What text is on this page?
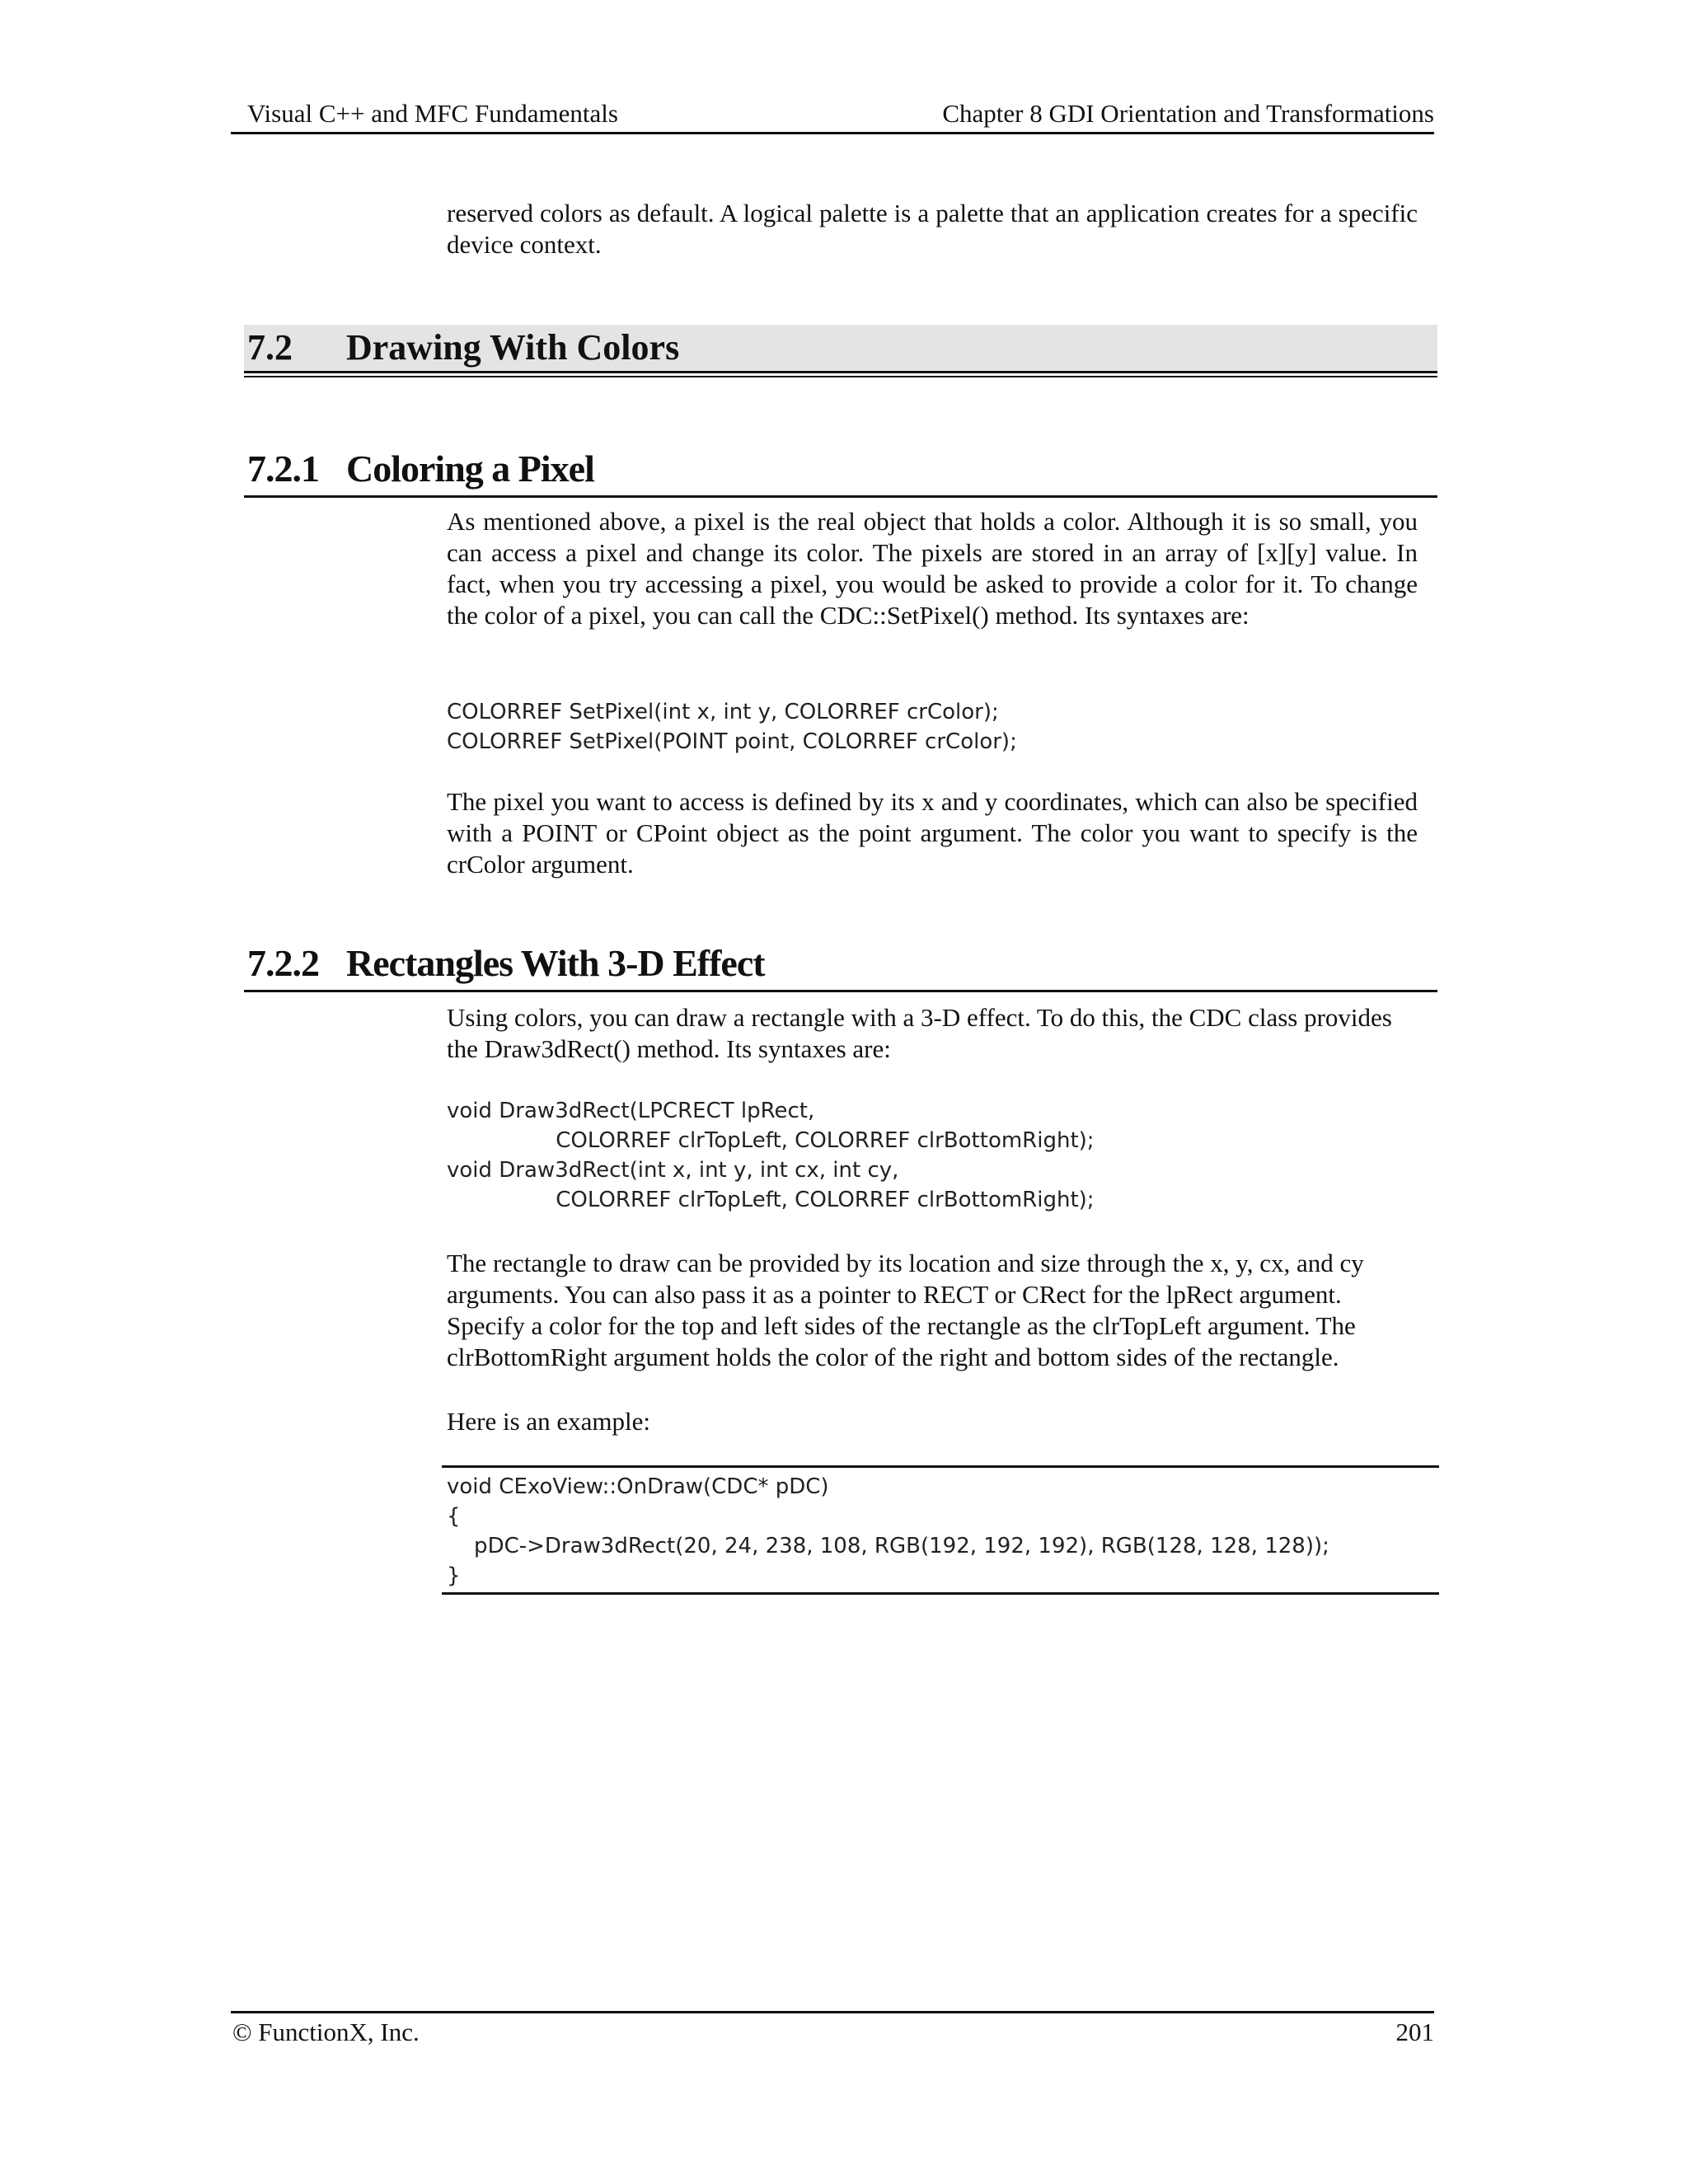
Visual C++ and MFC Fundamentals	Chapter 8 GDI Orientation and Transformations
reserved colors as default. A logical palette is a palette that an application creates for a specific device context.
7.2 Drawing With Colors
7.2.1 Coloring a Pixel
As mentioned above, a pixel is the real object that holds a color. Although it is so small, you can access a pixel and change its color. The pixels are stored in an array of [x][y] value. In fact, when you try accessing a pixel, you would be asked to provide a color for it. To change the color of a pixel, you can call the CDC::SetPixel() method. Its syntaxes are:
COLORREF SetPixel(int x, int y, COLORREF crColor);
COLORREF SetPixel(POINT point, COLORREF crColor);
The pixel you want to access is defined by its x and y coordinates, which can also be specified with a POINT or CPoint object as the point argument. The color you want to specify is the crColor argument.
7.2.2 Rectangles With 3-D Effect
Using colors, you can draw a rectangle with a 3-D effect. To do this, the CDC class provides the Draw3dRect() method. Its syntaxes are:
void Draw3dRect(LPCRECT lpRect,
COLORREF clrTopLeft, COLORREF clrBottomRight);
void Draw3dRect(int x, int y, int cx, int cy,
COLORREF clrTopLeft, COLORREF clrBottomRight);
The rectangle to draw can be provided by its location and size through the x, y, cx, and cy arguments. You can also pass it as a pointer to RECT or CRect for the lpRect argument. Specify a color for the top and left sides of the rectangle as the clrTopLeft argument. The clrBottomRight argument holds the color of the right and bottom sides of the rectangle.
Here is an example:
void CExoView::OnDraw(CDC* pDC)
{
pDC->Draw3dRect(20, 24, 238, 108, RGB(192, 192, 192), RGB(128, 128, 128));
}
© FunctionX, Inc.	201
